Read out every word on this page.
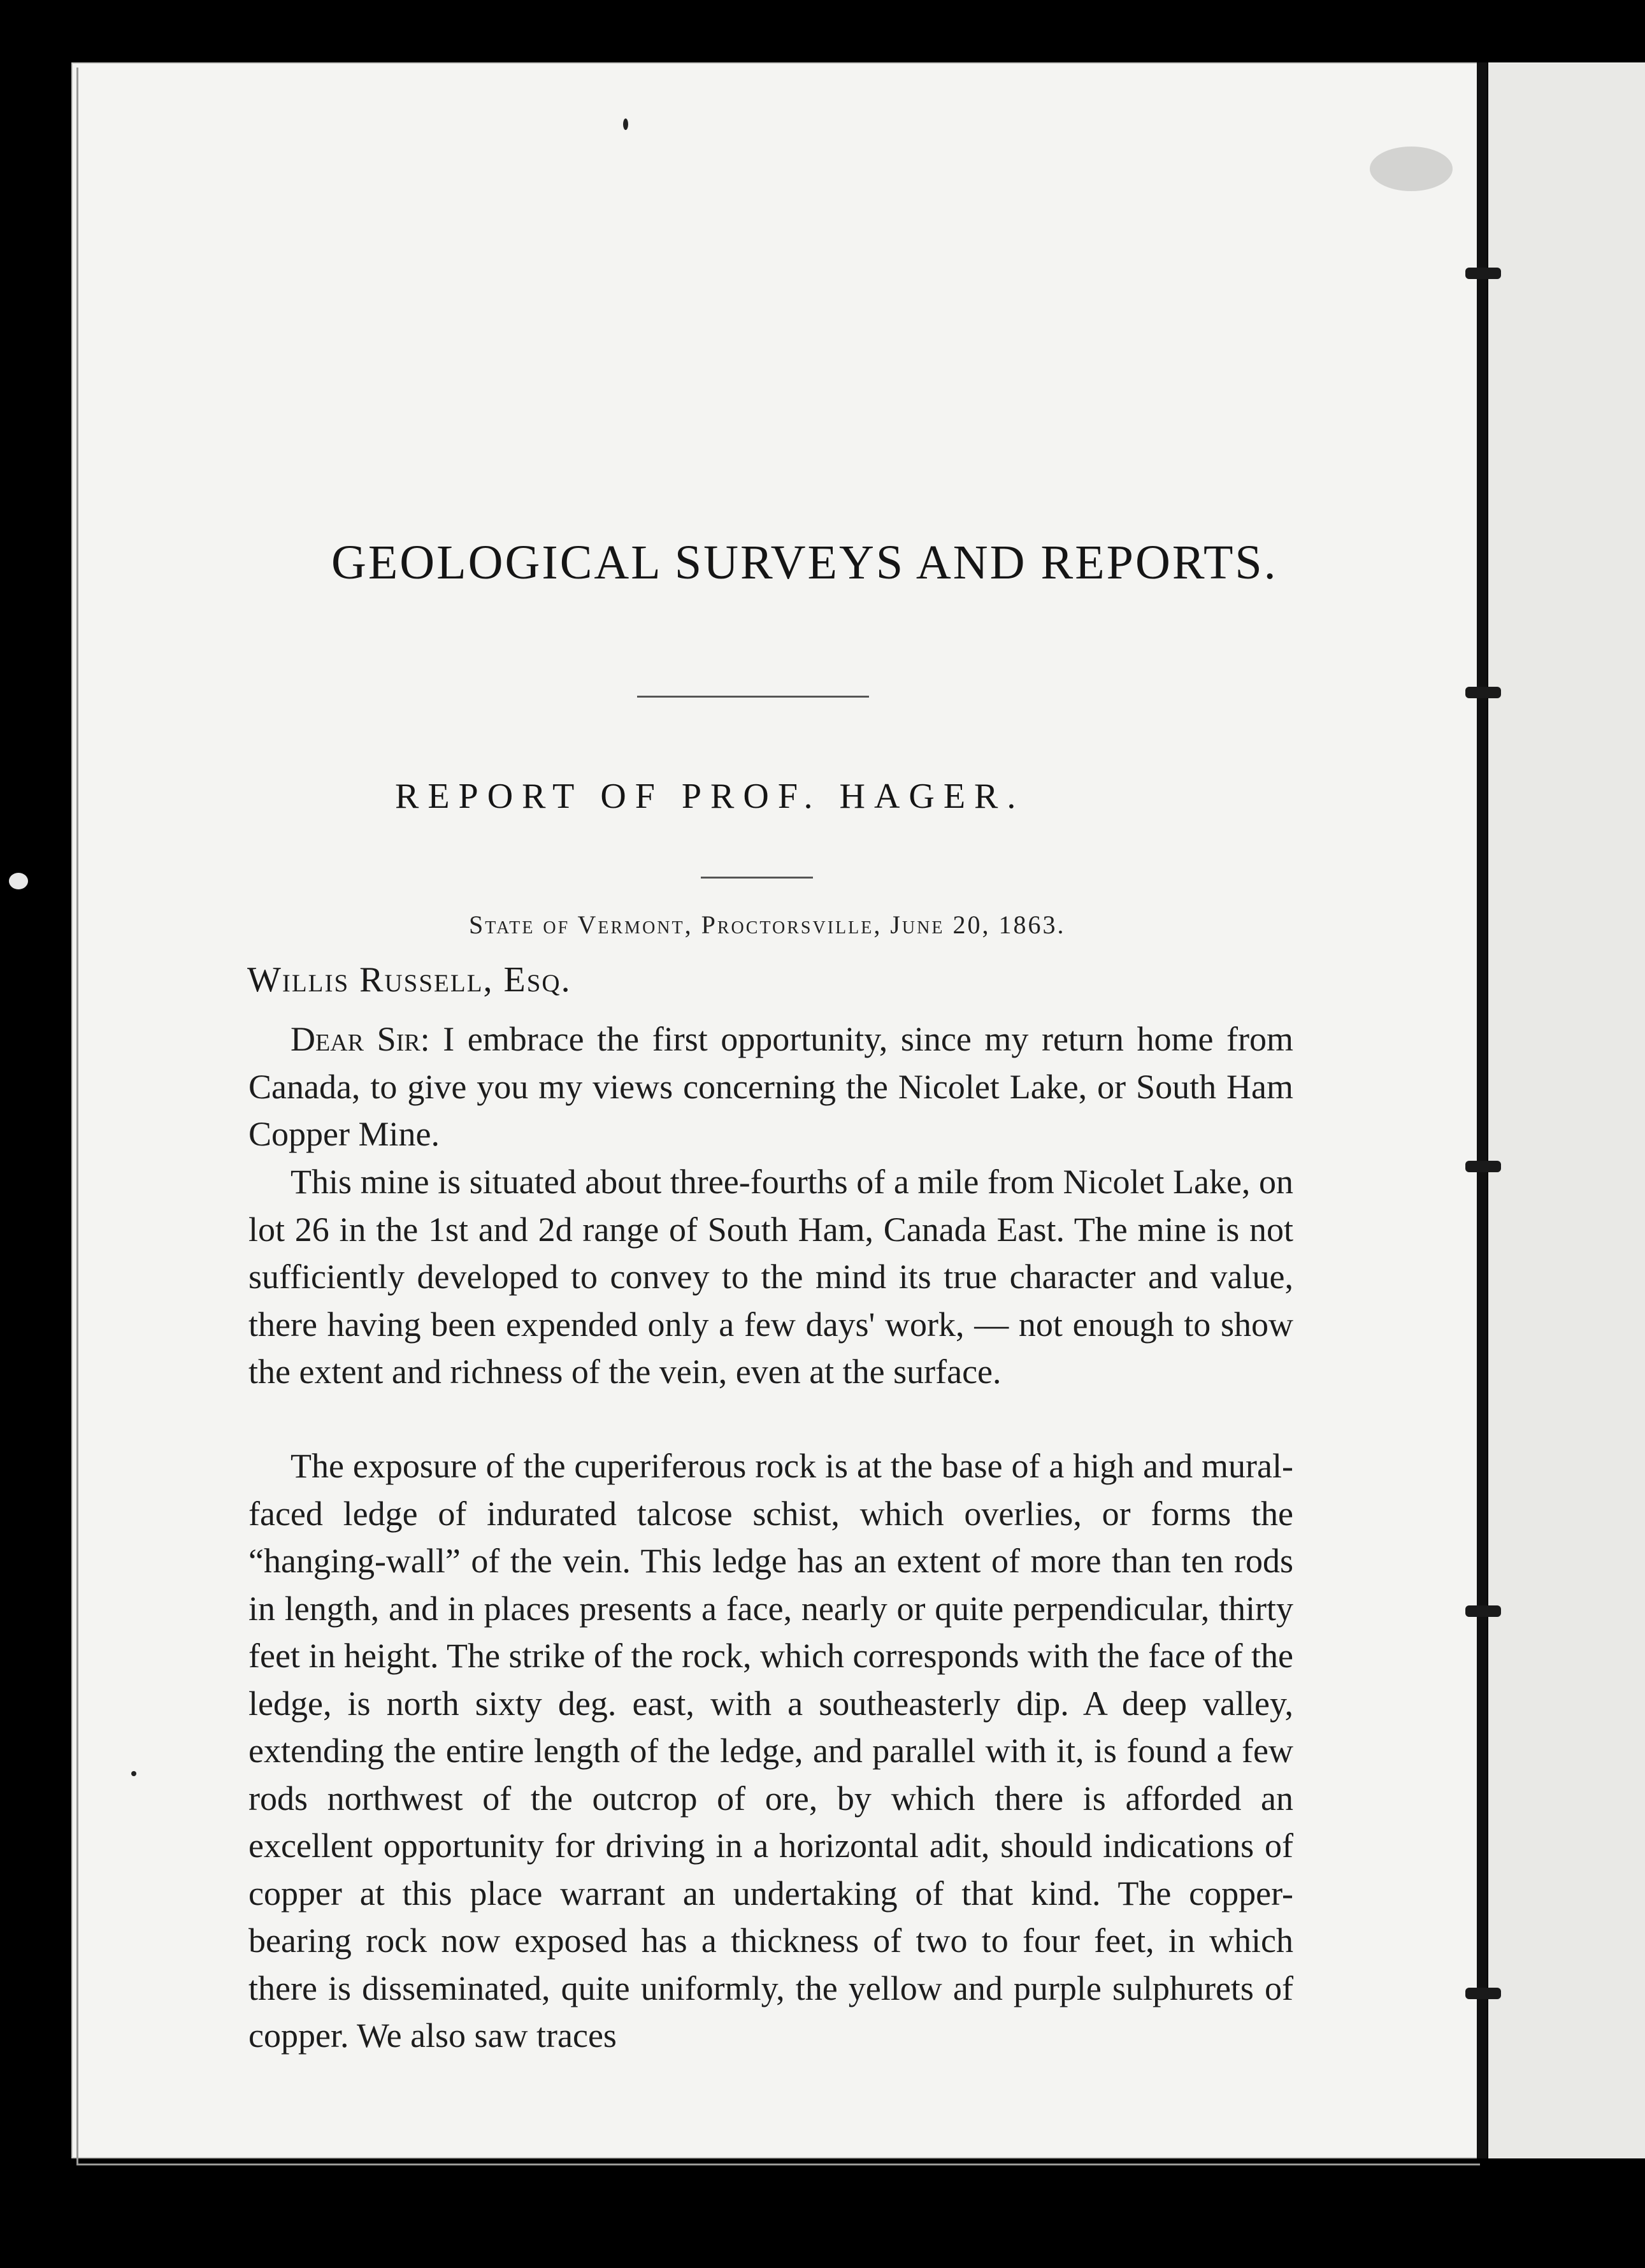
GEOLOGICAL SURVEYS AND REPORTS.
REPORT OF PROF. HAGER.
State of Vermont, Proctorsville, June 20, 1863.
Willis Russell, Esq.
Dear Sir: I embrace the first opportunity, since my return home from Canada, to give you my views concerning the Nicolet Lake, or South Ham Copper Mine.
This mine is situated about three-fourths of a mile from Nicolet Lake, on lot 26 in the 1st and 2d range of South Ham, Canada East. The mine is not sufficiently developed to convey to the mind its true character and value, there having been expended only a few days' work, — not enough to show the extent and richness of the vein, even at the surface.
The exposure of the cuperiferous rock is at the base of a high and mural-faced ledge of indurated talcose schist, which overlies, or forms the “hanging-wall” of the vein. This ledge has an extent of more than ten rods in length, and in places presents a face, nearly or quite perpendicular, thirty feet in height. The strike of the rock, which corresponds with the face of the ledge, is north sixty deg. east, with a southeasterly dip. A deep valley, extending the entire length of the ledge, and parallel with it, is found a few rods northwest of the outcrop of ore, by which there is afforded an excellent opportunity for driving in a horizontal adit, should indications of copper at this place warrant an undertaking of that kind. The copper-bearing rock now exposed has a thickness of two to four feet, in which there is disseminated, quite uniformly, the yellow and purple sulphurets of copper. We also saw traces
